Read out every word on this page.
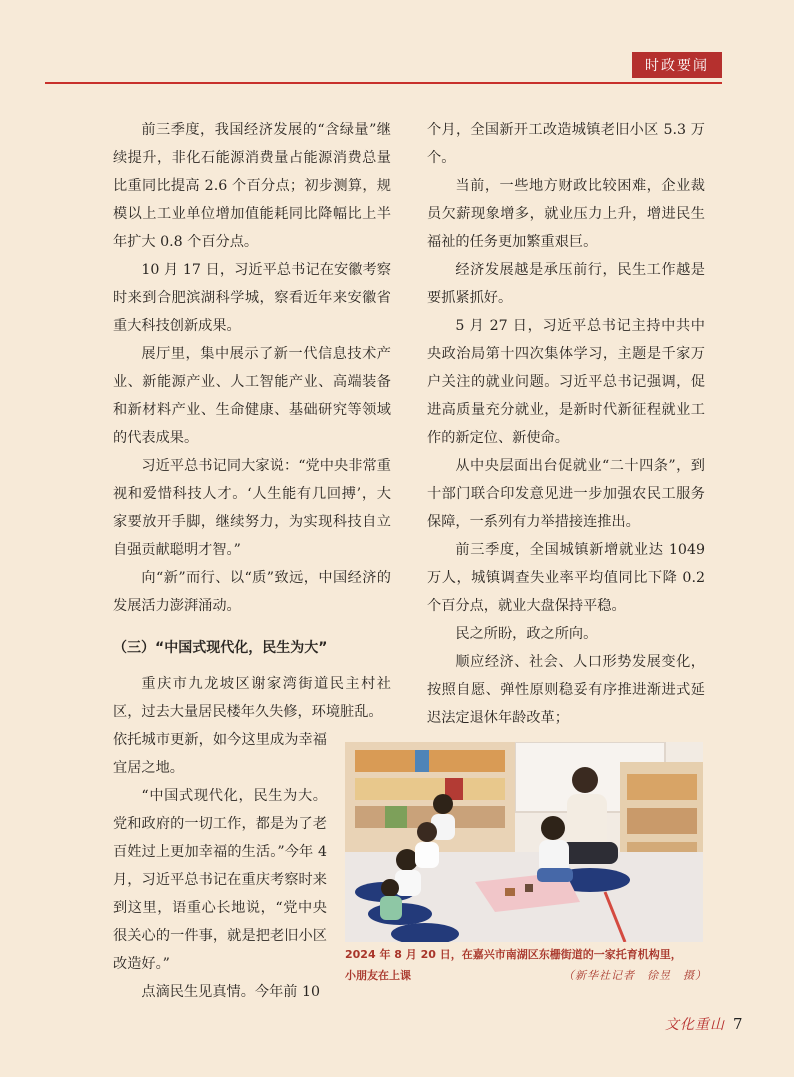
时政要闻

前三季度，我国经济发展的“含绿量”继续提升，非化石能源消费量占能源消费总量比重同比提高 2.6 个百分点；初步测算，规模以上工业单位增加值能耗同比降幅比上半年扩大 0.8 个百分点。

10 月 17 日，习近平总书记在安徽考察时来到合肥滨湖科学城，察看近年来安徽省重大科技创新成果。

展厅里，集中展示了新一代信息技术产业、新能源产业、人工智能产业、高端装备和新材料产业、生命健康、基础研究等领域的代表成果。

习近平总书记同大家说：“党中央非常重视和爱惜科技人才。‘人生能有几回搏’，大家要放开手脚，继续努力，为实现科技自立自强贡献聪明才智。”

向“新”而行、以“质”致远，中国经济的发展活力澎湃涌动。

（三）“中国式现代化，民生为大”

重庆市九龙坡区谢家湾街道民主村社区，过去大量居民楼年久失修，环境脏乱。

依托城市更新，如今这里成为幸福宜居之地。

“中国式现代化，民生为大。党和政府的一切工作，都是为了老百姓过上更加幸福的生活。”今年 4 月，习近平总书记在重庆考察时来到这里，语重心长地说，“党中央很关心的一件事，就是把老旧小区改造好。”

点滴民生见真情。今年前 10

个月，全国新开工改造城镇老旧小区 5.3 万个。

当前，一些地方财政比较困难，企业裁员欠薪现象增多，就业压力上升，增进民生福祉的任务更加繁重艰巨。

经济发展越是承压前行，民生工作越是要抓紧抓好。

5 月 27 日，习近平总书记主持中共中央政治局第十四次集体学习，主题是千家万户关注的就业问题。习近平总书记强调，促进高质量充分就业，是新时代新征程就业工作的新定位、新使命。

从中央层面出台促就业“二十四条”，到十部门联合印发意见进一步加强农民工服务保障，一系列有力举措接连推出。

前三季度，全国城镇新增就业达 1049 万人，城镇调查失业率平均值同比下降 0.2 个百分点，就业大盘保持平稳。

民之所盼，政之所向。

顺应经济、社会、人口形势发展变化，按照自愿、弹性原则稳妥有序推进渐进式延迟法定退休年龄改革；

2024 年 8 月 20 日，在嘉兴市南湖区东栅街道的一家托育机构里，
小朋友在上课	（新华社记者　徐昱　摄）
文化重山 7
